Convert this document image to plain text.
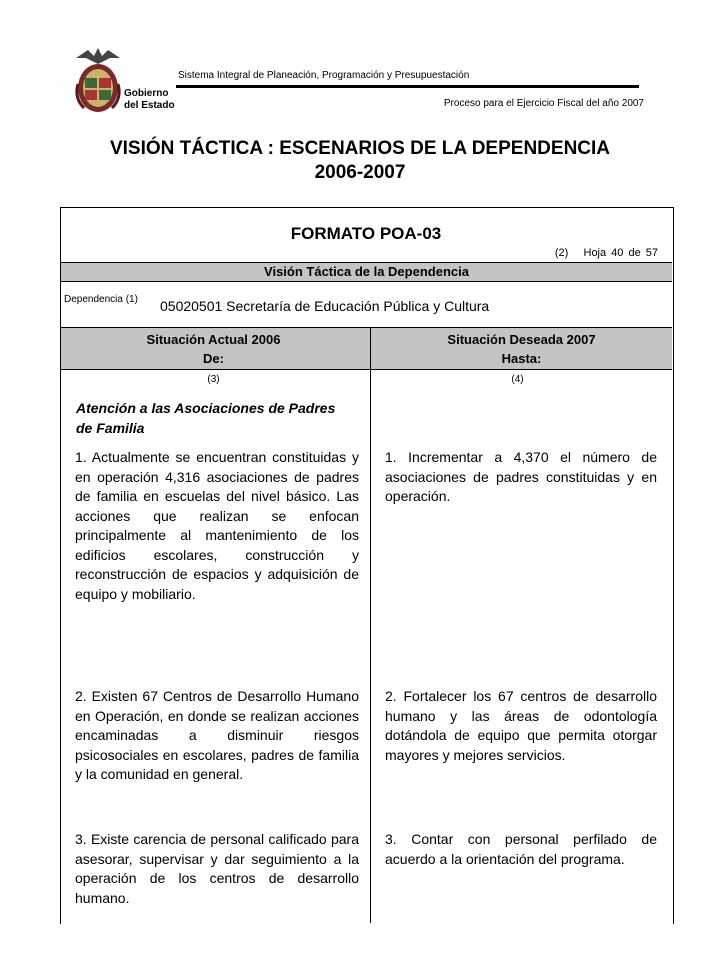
Gobierno
del Estado
Sistema Integral de Planeación, Programación y Presupuestación
Proceso para el Ejercicio Fiscal del año 2007
VISIÓN TÁCTICA : ESCENARIOS DE LA DEPENDENCIA
2006-2007
FORMATO POA-03
(2) Hoja 40 de 57
Visión Táctica de la Dependencia
Dependencia (1) 05020501 Secretaría de Educación Pública y Cultura
Situación Actual 2006
De:
Situación Deseada 2007
Hasta:
(3)	(4)
Atención a las Asociaciones de Padres de Familia
1. Actualmente se encuentran constituidas y en operación 4,316 asociaciones de padres de familia en escuelas del nivel básico. Las acciones que realizan se enfocan principalmente al mantenimiento de los edificios escolares, construcción y reconstrucción de espacios y adquisición de equipo y mobiliario.
1. Incrementar a 4,370 el número de asociaciones de padres constituidas y en operación.
2. Existen 67 Centros de Desarrollo Humano en Operación, en donde se realizan acciones encaminadas a disminuir riesgos psicosociales en escolares, padres de familia y la comunidad en general.
2. Fortalecer los 67 centros de desarrollo humano y las áreas de odontología dotándola de equipo que permita otorgar mayores y mejores servicios.
3. Existe carencia de personal calificado para asesorar, supervisar y dar seguimiento a la operación de los centros de desarrollo humano.
3. Contar con personal perfilado de acuerdo a la orientación del programa.
